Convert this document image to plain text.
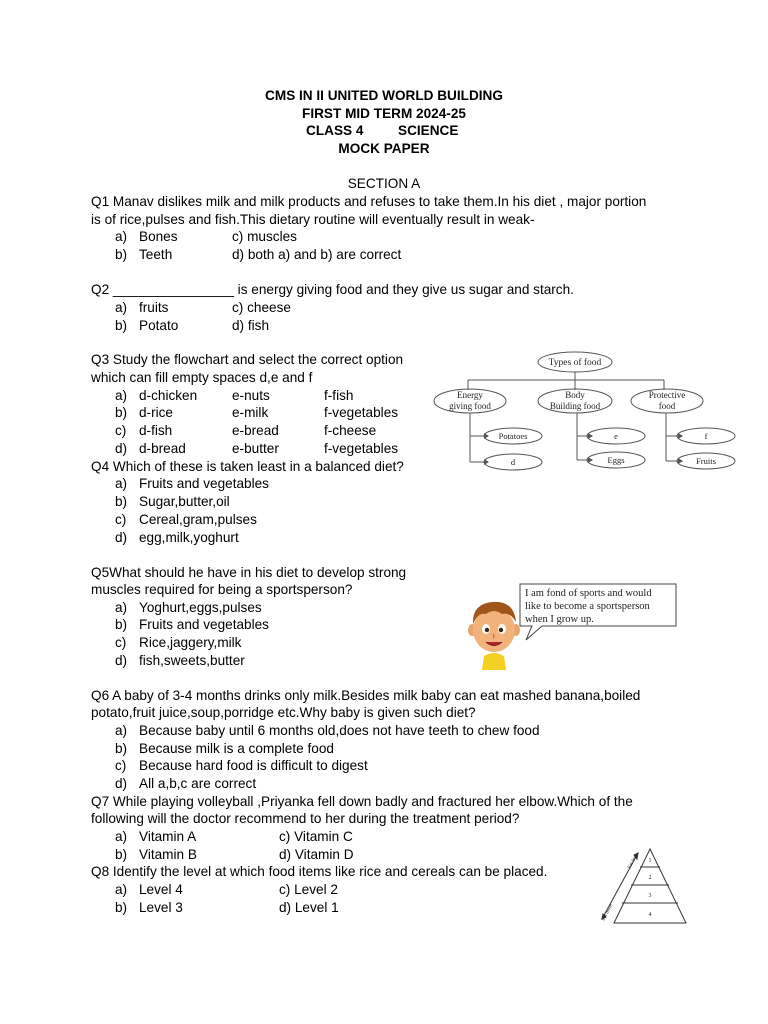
CMS IN II UNITED WORLD BUILDING
FIRST MID TERM 2024-25
CLASS 4	SCIENCE
MOCK PAPER
SECTION A
Q1 Manav dislikes milk and milk products and refuses to take them.In his diet , major portion
is of rice,pulses and fish.This dietary routine will eventually result in weak-
a) Bones	c) muscles
b) Teeth	d) both a) and b) are correct
Q2 ________________ is energy giving food and they give us sugar and starch.
a) fruits	c) cheese
b) Potato	d) fish
Q3 Study the flowchart and select the correct option
which can fill empty spaces d,e and f
a) d-chicken	e-nuts	f-fish
b) d-rice	e-milk	f-vegetables
c) d-fish	e-bread	f-cheese
d) d-bread	e-butter	f-vegetables
Types of food
Energy
giving food
Body
Building food
Protective
food
Potatoes
d
e
Eggs
f
Fruits
Q4 Which of these is taken least in a balanced diet?
a) Fruits and vegetables
b) Sugar,butter,oil
c) Cereal,gram,pulses
d) egg,milk,yoghurt
Q5What should he have in his diet to develop strong
muscles required for being a sportsperson?
a) Yoghurt,eggs,pulses
b) Fruits and vegetables
c) Rice,jaggery,milk
d) fish,sweets,butter
I am fond of sports and would
like to become a sportsperson
when I grow up.
Q6 A baby of 3-4 months drinks only milk.Besides milk baby can eat mashed banana,boiled
potato,fruit juice,soup,porridge etc.Why baby is given such diet?
a) Because baby until 6 months old,does not have teeth to chew food
b) Because milk is a complete food
c) Because hard food is difficult to digest
d) All a,b,c are correct
Q7 While playing volleyball ,Priyanka fell down badly and fractured her elbow.Which of the
following will the doctor recommend to her during the treatment period?
a) Vitamin A	c) Vitamin C
b) Vitamin B	d) Vitamin D
Q8 Identify the level at which food items like rice and cereals can be placed.
a) Level 4	c) Level 2
b) Level 3	d) Level 1
1
2
3
4
Eat less
Eat more
